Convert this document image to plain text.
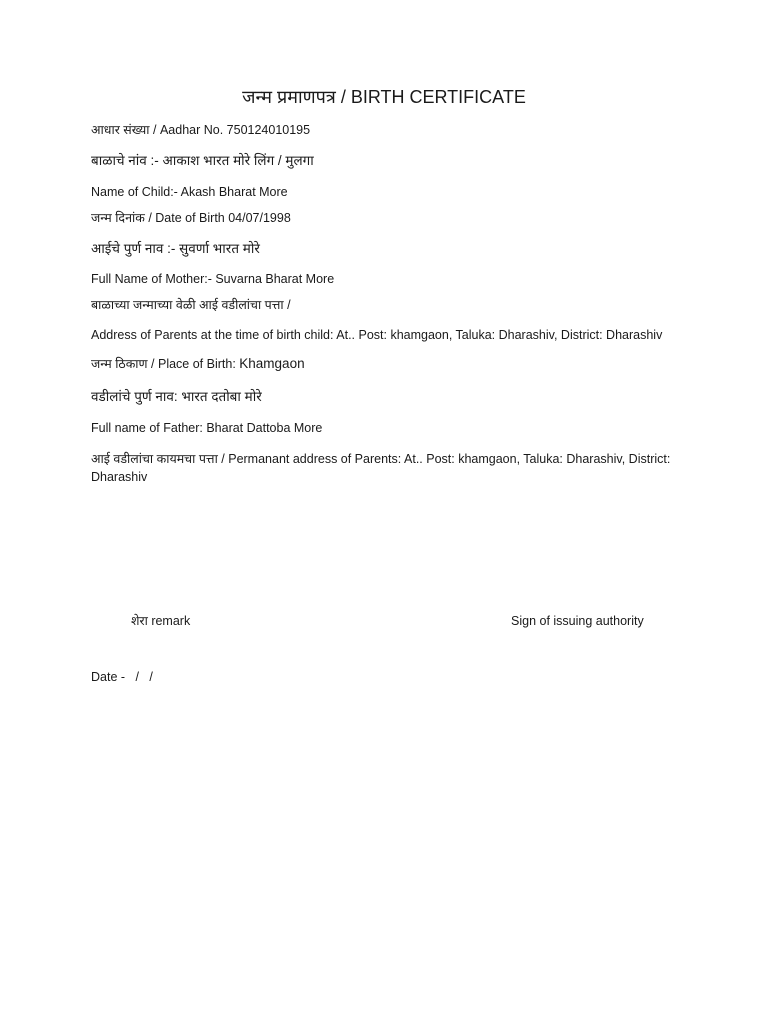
जन्म प्रमाणपत्र / BIRTH CERTIFICATE
आधार संख्या / Aadhar No. 750124010195
बाळाचे नांव :- आकाश भारत मोरे लिंग / मुलगा
Name of Child:- Akash Bharat More
जन्म दिनांक / Date of Birth 04/07/1998
आईचे पुर्ण नाव :- सुवर्णा भारत मोरे
Full Name of Mother:- Suvarna Bharat More
बाळाच्या जन्माच्या वेळी आई वडीलांचा पत्ता /
Address of Parents at the time of birth child: At.. Post: khamgaon, Taluka: Dharashiv, District: Dharashiv
जन्म ठिकाण / Place of Birth: Khamgaon
वडीलांचे पुर्ण नाव: भारत दतोबा मोरे
Full name of Father: Bharat Dattoba More
आई वडीलांचा कायमचा पत्ता / Permanant address of Parents: At.. Post: khamgaon, Taluka: Dharashiv, District: Dharashiv
शेरा remark	Sign of issuing authority
Date -   /   /
